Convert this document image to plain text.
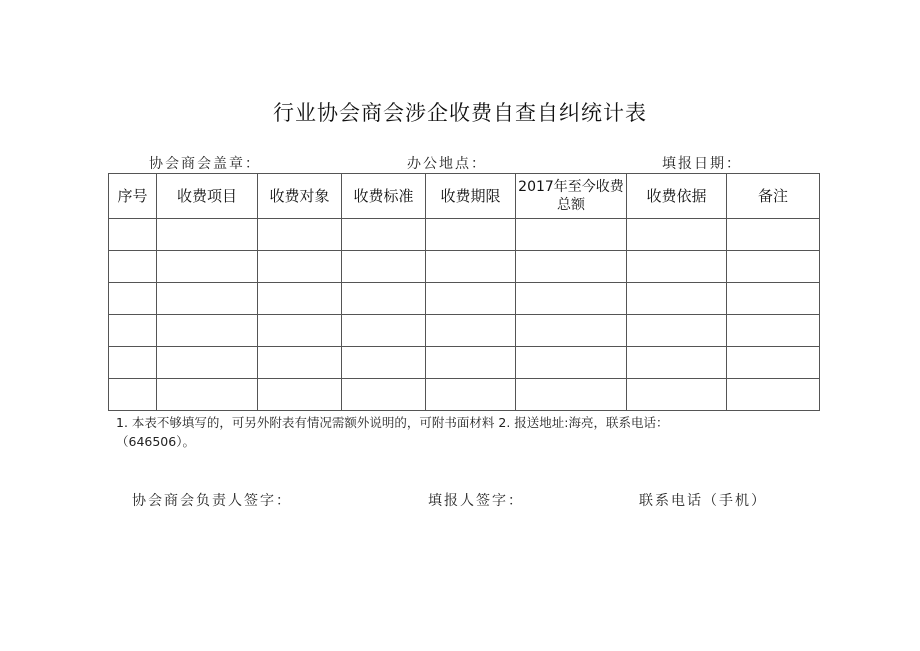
行业协会商会涉企收费自查自纠统计表
协会商会盖章：	办公地点：	填报日期：
序号	收费项目	收费对象	收费标准	收费期限	2017年至今收费总额	收费依据	备注

1. 本表不够填写的，可另外附表有情况需额外说明的，可附书面材料 2. 报送地址:海亮，联系电话：
（646506）。
协会商会负责人签字：	填报人签字：	联系电话（手机）
